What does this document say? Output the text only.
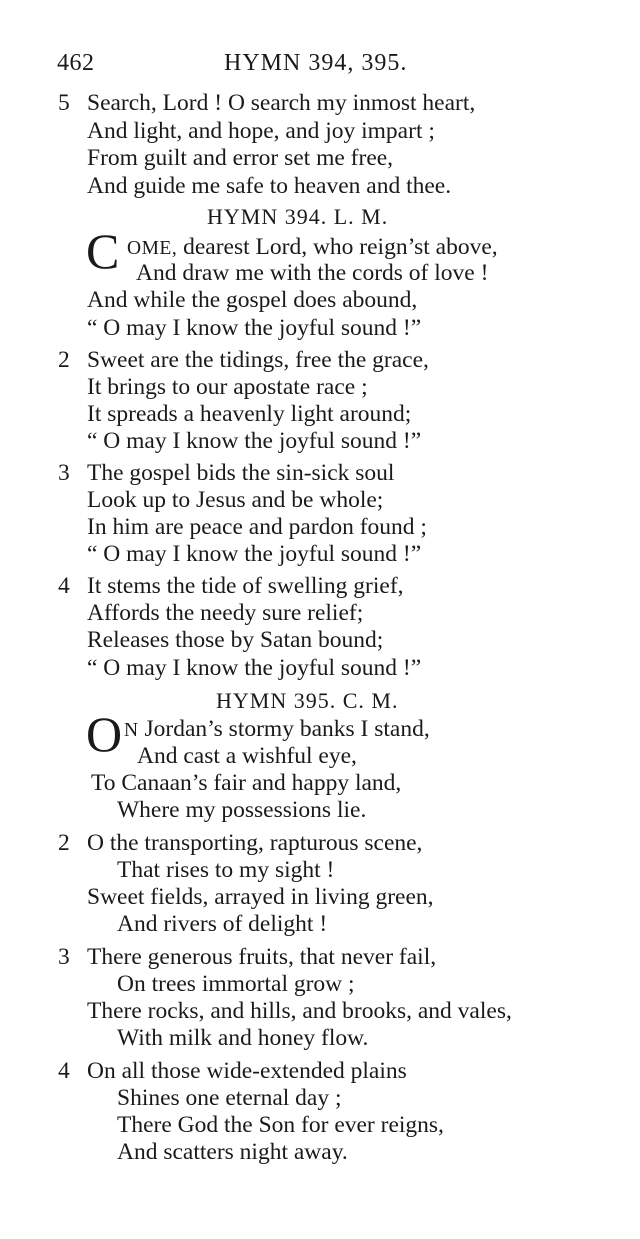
462	HYMN 394, 395.
5 Search, Lord ! O search my inmost heart,
And light, and hope, and joy impart ;
From guilt and error set me free,
And guide me safe to heaven and thee.
HYMN 394. L. M.
C OME, dearest Lord, who reign’st above,
And draw me with the cords of love !
And while the gospel does abound,
“ O may I know the joyful sound !”
2 Sweet are the tidings, free the grace,
It brings to our apostate race ;
It spreads a heavenly light around;
“ O may I know the joyful sound !”
3 The gospel bids the sin-sick soul
Look up to Jesus and be whole;
In him are peace and pardon found ;
“ O may I know the joyful sound !”
4 It stems the tide of swelling grief,
Affords the needy sure relief;
Releases those by Satan bound;
“ O may I know the joyful sound !”
HYMN 395. C. M.
O N Jordan’s stormy banks I stand,
And cast a wishful eye,
To Canaan’s fair and happy land,
Where my possessions lie.
2 O the transporting, rapturous scene,
That rises to my sight !
Sweet fields, arrayed in living green,
And rivers of delight !
3 There generous fruits, that never fail,
On trees immortal grow ;
There rocks, and hills, and brooks, and vales,
With milk and honey flow.
4 On all those wide-extended plains
Shines one eternal day ;
There God the Son for ever reigns,
And scatters night away.
